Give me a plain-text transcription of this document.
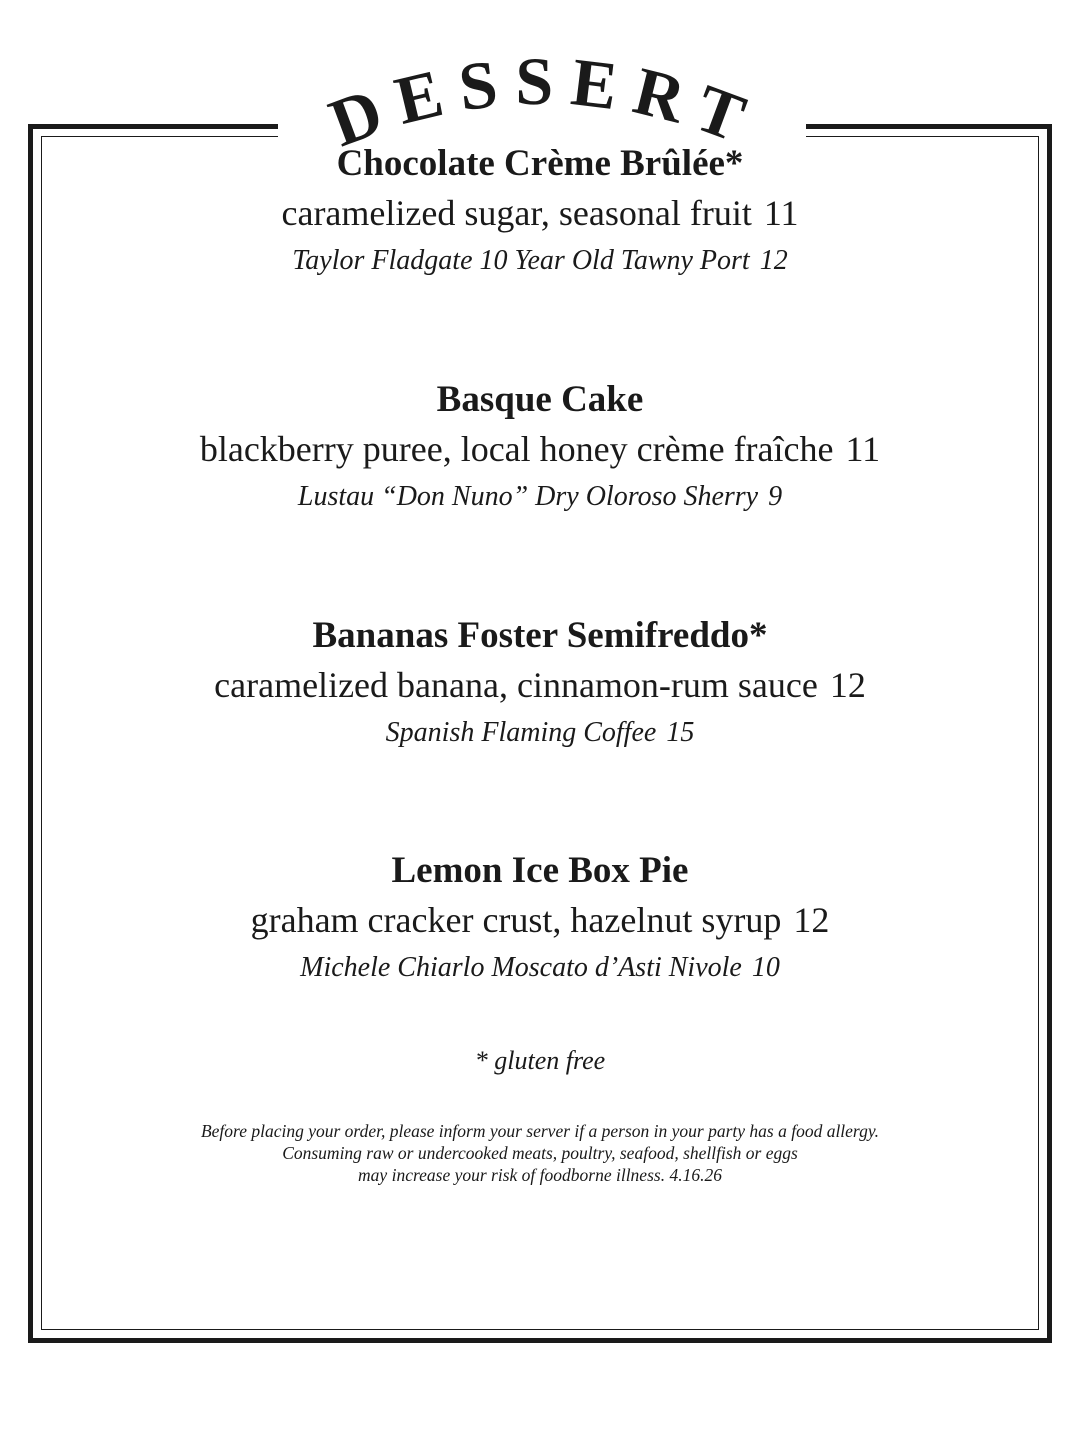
DESSERT

Chocolate Crème Brûlée*

caramelized sugar, seasonal fruit 11

Taylor Fladgate 10 Year Old Tawny Port 12

Basque Cake

blackberry puree, local honey crème fraîche 11

Lustau “Don Nuno” Dry Oloroso Sherry 9

Bananas Foster Semifreddo*

caramelized banana, cinnamon-rum sauce 12

Spanish Flaming Coffee 15

Lemon Ice Box Pie

graham cracker crust, hazelnut syrup 12

Michele Chiarlo Moscato d’Asti Nivole 10

* gluten free
Before placing your order, please inform your server if a person in your party has a food allergy.
Consuming raw or undercooked meats, poultry, seafood, shellfish or eggs
may increase your risk of foodborne illness. 4.16.26
